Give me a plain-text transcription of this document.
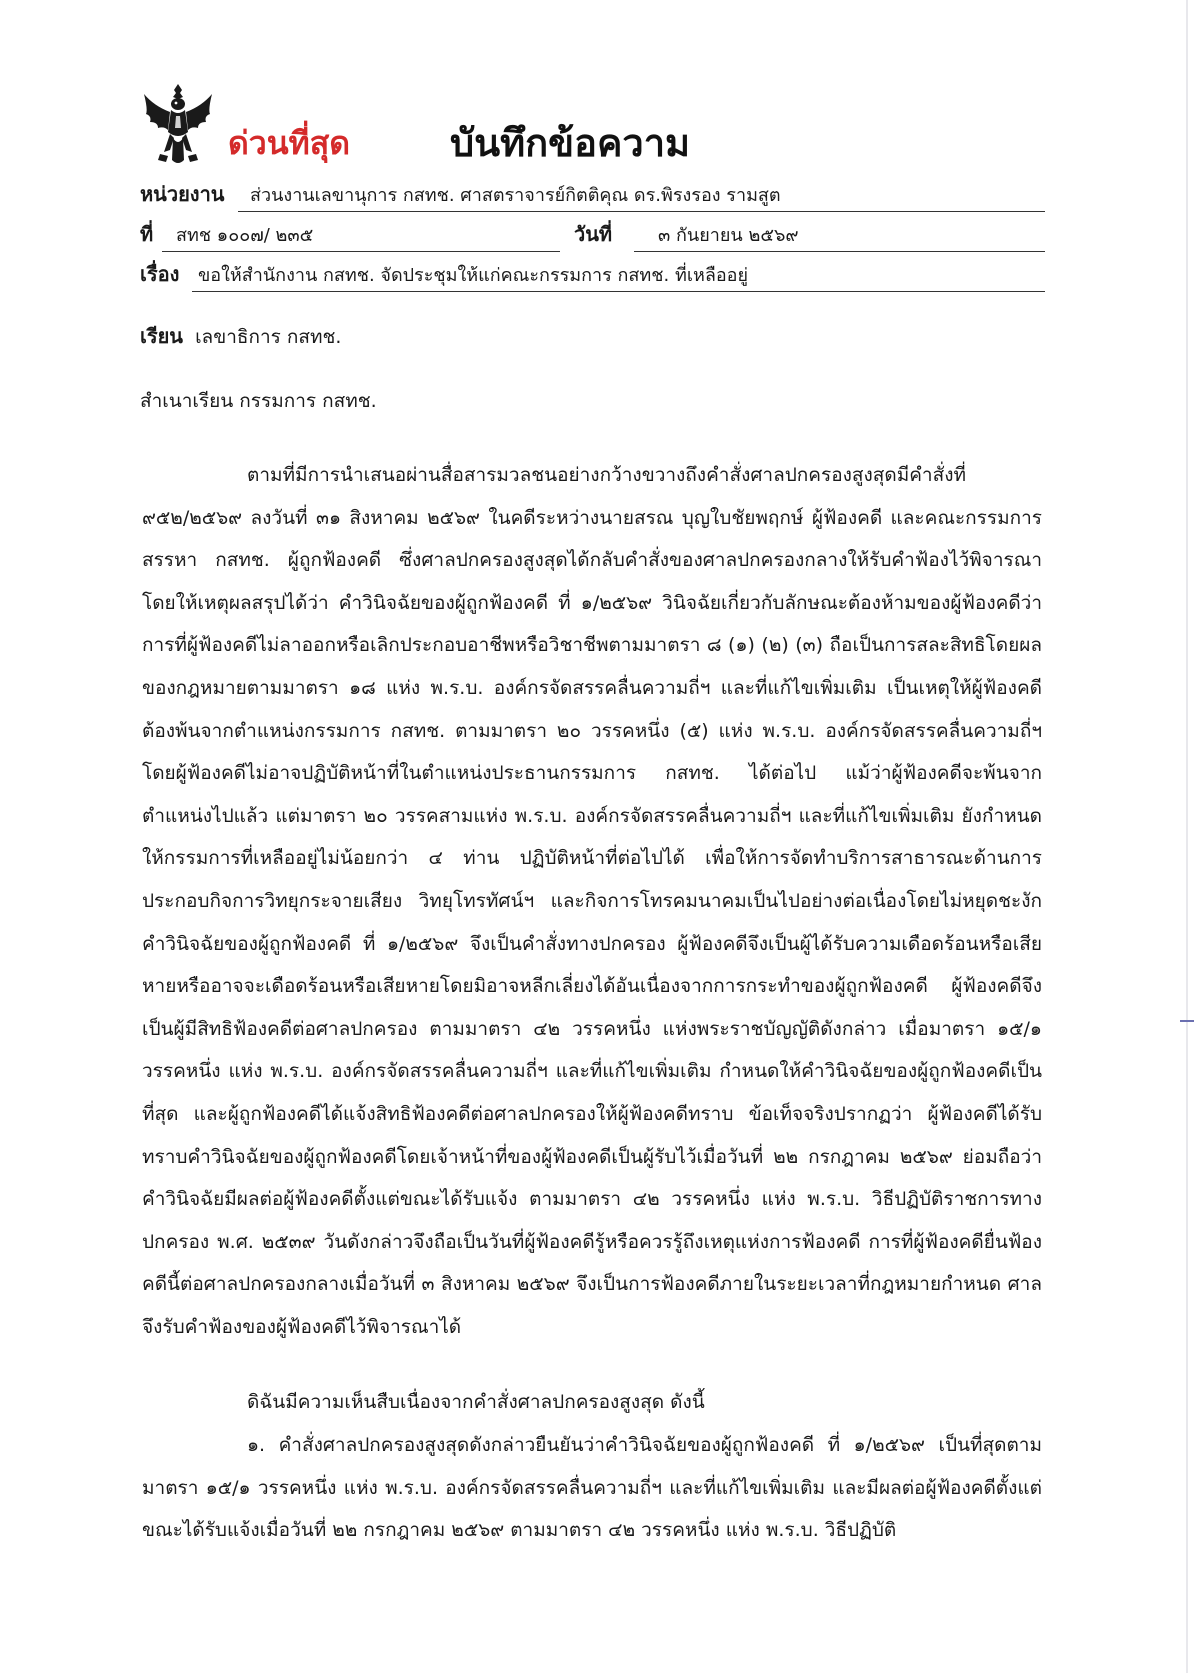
ด่วนที่สุด	บันทึกข้อความ
หน่วยงาน ส่วนงานเลขานุการ กสทช. ศาสตราจารย์กิตติคุณ ดร.พิรงรอง รามสูต
ที่ สทช ๑๐๐๗/ ๒๓๕	วันที่	๓ กันยายน ๒๕๖๙
เรื่อง ขอให้สำนักงาน กสทช. จัดประชุมให้แก่คณะกรรมการ กสทช. ที่เหลืออยู่
เรียน เลขาธิการ กสทช.
สำเนาเรียน กรรมการ กสทช.

ตามที่มีการนำเสนอผ่านสื่อสารมวลชนอย่างกว้างขวางถึงคำสั่งศาลปกครองสูงสุดมีคำสั่งที่ ๙๕๒/๒๕๖๙ ลงวันที่ ๓๑ สิงหาคม ๒๕๖๙ ในคดีระหว่างนายสรณ บุญใบชัยพฤกษ์ ผู้ฟ้องคดี และคณะกรรมการสรรหา กสทช. ผู้ถูกฟ้องคดี ซึ่งศาลปกครองสูงสุดได้กลับคำสั่งของศาลปกครองกลางให้รับคำฟ้องไว้พิจารณา โดยให้เหตุผลสรุปได้ว่า คำวินิจฉัยของผู้ถูกฟ้องคดี ที่ ๑/๒๕๖๙ วินิจฉัยเกี่ยวกับลักษณะต้องห้ามของผู้ฟ้องคดีว่า การที่ผู้ฟ้องคดีไม่ลาออกหรือเลิกประกอบอาชีพหรือวิชาชีพตามมาตรา ๘ (๑) (๒) (๓) ถือเป็นการสละสิทธิโดยผลของกฎหมายตามมาตรา ๑๘ แห่ง พ.ร.บ. องค์กรจัดสรรคลื่นความถี่ฯ และที่แก้ไขเพิ่มเติม เป็นเหตุให้ผู้ฟ้องคดีต้องพ้นจากตำแหน่งกรรมการ กสทช. ตามมาตรา ๒๐ วรรคหนึ่ง (๕) แห่ง พ.ร.บ. องค์กรจัดสรรคลื่นความถี่ฯ โดยผู้ฟ้องคดีไม่อาจปฏิบัติหน้าที่ในตำแหน่งประธานกรรมการ กสทช. ได้ต่อไป แม้ว่าผู้ฟ้องคดีจะพ้นจากตำแหน่งไปแล้ว แต่มาตรา ๒๐ วรรคสามแห่ง พ.ร.บ. องค์กรจัดสรรคลื่นความถี่ฯ และที่แก้ไขเพิ่มเติม ยังกำหนดให้กรรมการที่เหลืออยู่ไม่น้อยกว่า ๔ ท่าน ปฏิบัติหน้าที่ต่อไปได้ เพื่อให้การจัดทำบริการสาธารณะด้านการประกอบกิจการวิทยุกระจายเสียง วิทยุโทรทัศน์ฯ และกิจการโทรคมนาคมเป็นไปอย่างต่อเนื่องโดยไม่หยุดชะงัก คำวินิจฉัยของผู้ถูกฟ้องคดี ที่ ๑/๒๕๖๙ จึงเป็นคำสั่งทางปกครอง ผู้ฟ้องคดีจึงเป็นผู้ได้รับความเดือดร้อนหรือเสียหายหรืออาจจะเดือดร้อนหรือเสียหายโดยมิอาจหลีกเลี่ยงได้อันเนื่องจากการกระทำของผู้ถูกฟ้องคดี ผู้ฟ้องคดีจึงเป็นผู้มีสิทธิฟ้องคดีต่อศาลปกครอง ตามมาตรา ๔๒ วรรคหนึ่ง แห่งพระราชบัญญัติดังกล่าว เมื่อมาตรา ๑๕/๑ วรรคหนึ่ง แห่ง พ.ร.บ. องค์กรจัดสรรคลื่นความถี่ฯ และที่แก้ไขเพิ่มเติม กำหนดให้คำวินิจฉัยของผู้ถูกฟ้องคดีเป็นที่สุด และผู้ถูกฟ้องคดีได้แจ้งสิทธิฟ้องคดีต่อศาลปกครองให้ผู้ฟ้องคดีทราบ ข้อเท็จจริงปรากฏว่า ผู้ฟ้องคดีได้รับทราบคำวินิจฉัยของผู้ถูกฟ้องคดีโดยเจ้าหน้าที่ของผู้ฟ้องคดีเป็นผู้รับไว้เมื่อวันที่ ๒๒ กรกฎาคม ๒๕๖๙ ย่อมถือว่าคำวินิจฉัยมีผลต่อผู้ฟ้องคดีตั้งแต่ขณะได้รับแจ้ง ตามมาตรา ๔๒ วรรคหนึ่ง แห่ง พ.ร.บ. วิธีปฏิบัติราชการทางปกครอง พ.ศ. ๒๕๓๙ วันดังกล่าวจึงถือเป็นวันที่ผู้ฟ้องคดีรู้หรือควรรู้ถึงเหตุแห่งการฟ้องคดี การที่ผู้ฟ้องคดียื่นฟ้องคดีนี้ต่อศาลปกครองกลางเมื่อวันที่ ๓ สิงหาคม ๒๕๖๙ จึงเป็นการฟ้องคดีภายในระยะเวลาที่กฎหมายกำหนด ศาลจึงรับคำฟ้องของผู้ฟ้องคดีไว้พิจารณาได้

ดิฉันมีความเห็นสืบเนื่องจากคำสั่งศาลปกครองสูงสุด ดังนี้

๑. คำสั่งศาลปกครองสูงสุดดังกล่าวยืนยันว่าคำวินิจฉัยของผู้ถูกฟ้องคดี ที่ ๑/๒๕๖๙ เป็นที่สุดตามมาตรา ๑๕/๑ วรรคหนึ่ง แห่ง พ.ร.บ. องค์กรจัดสรรคลื่นความถี่ฯ และที่แก้ไขเพิ่มเติม และมีผลต่อผู้ฟ้องคดีตั้งแต่ขณะได้รับแจ้งเมื่อวันที่ ๒๒ กรกฎาคม ๒๕๖๙ ตามมาตรา ๔๒ วรรคหนึ่ง แห่ง พ.ร.บ. วิธีปฏิบัติ
